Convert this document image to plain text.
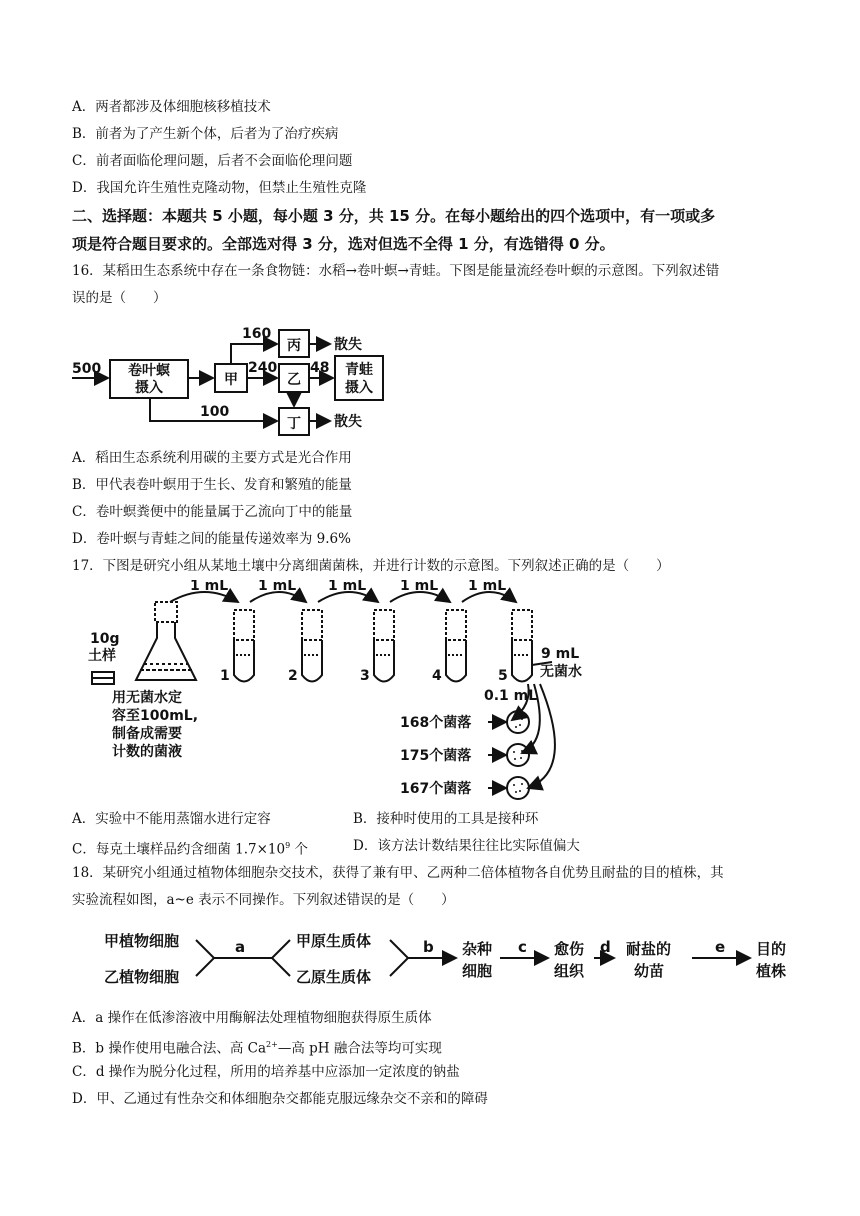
A．两者都涉及体细胞核移植技术
B．前者为了产生新个体，后者为了治疗疾病
C．前者面临伦理问题，后者不会面临伦理问题
D．我国允许生殖性克隆动物，但禁止生殖性克隆
二、选择题：本题共 5 小题，每小题 3 分，共 15 分。在每小题给出的四个选项中，有一项或多
项是符合题目要求的。全部选对得 3 分，选对但选不全得 1 分，有选错得 0 分。
16．某稻田生态系统中存在一条食物链：水稻→卷叶螟→青蛙。下图是能量流经卷叶螟的示意图。下列叙述错
误的是（　　）
500 卷叶螟
摄入	甲
丙
乙
丁
青蛙
摄入
160
240 48
100
散失
散失
A．稻田生态系统利用碳的主要方式是光合作用
B．甲代表卷叶螟用于生长、发育和繁殖的能量
C．卷叶螟粪便中的能量属于乙流向丁中的能量
D．卷叶螟与青蛙之间的能量传递效率为 9.6%
17．下图是研究小组从某地土壤中分离细菌菌株，并进行计数的示意图。下列叙述正确的是（　　）
1 mL 1 mL 1 mL 1 mL 1 mL
10g
土样
用无菌水定
容至100mL,
制备成需要
计数的菌液
1	2	3	4	5
9 mL
无菌水
0.1 mL
168个菌落
175个菌落
167个菌落
A．实验中不能用蒸馏水进行定容	B．接种时使用的工具是接种环
C．每克土壤样品约含细菌 $1.7\times 10^9$ 个	D．该方法计数结果往往比实际值偏大
18．某研究小组通过植物体细胞杂交技术，获得了兼有甲、乙两种二倍体植物各自优势且耐盐的目的植株，其
实验流程如图，a~e 表示不同操作。下列叙述错误的是（　　）
甲植物细胞
乙植物细胞
a	甲原生质体
乙原生质体
b 杂种
细胞
c 愈伤
组织
d 耐盐的
幼苗
e 目的
植株
A．a 操作在低渗溶液中用酶解法处理植物细胞获得原生质体
B．b 操作使用电融合法、高 $Ca^{2+}—$高 pH 融合法等均可实现
C．d 操作为脱分化过程，所用的培养基中应添加一定浓度的钠盐
D．甲、乙通过有性杂交和体细胞杂交都能克服远缘杂交不亲和的障碍
